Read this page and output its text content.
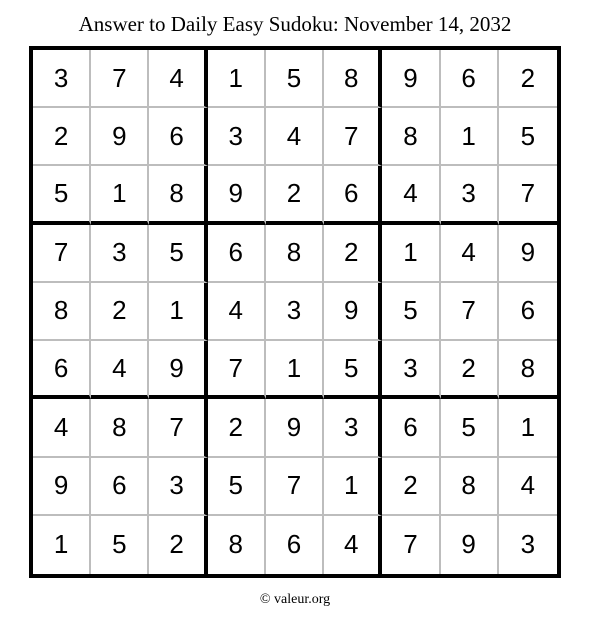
Answer to Daily Easy Sudoku: November 14, 2032
3	7	4	1	5	8	9	6	2
2	9	6	3	4	7	8	1	5
5	1	8	9	2	6	4	3	7
7	3	5	6	8	2	1	4	9
8	2	1	4	3	9	5	7	6
6	4	9	7	1	5	3	2	8
4	8	7	2	9	3	6	5	1
9	6	3	5	7	1	2	8	4
1	5	2	8	6	4	7	9	3
© valeur.org
